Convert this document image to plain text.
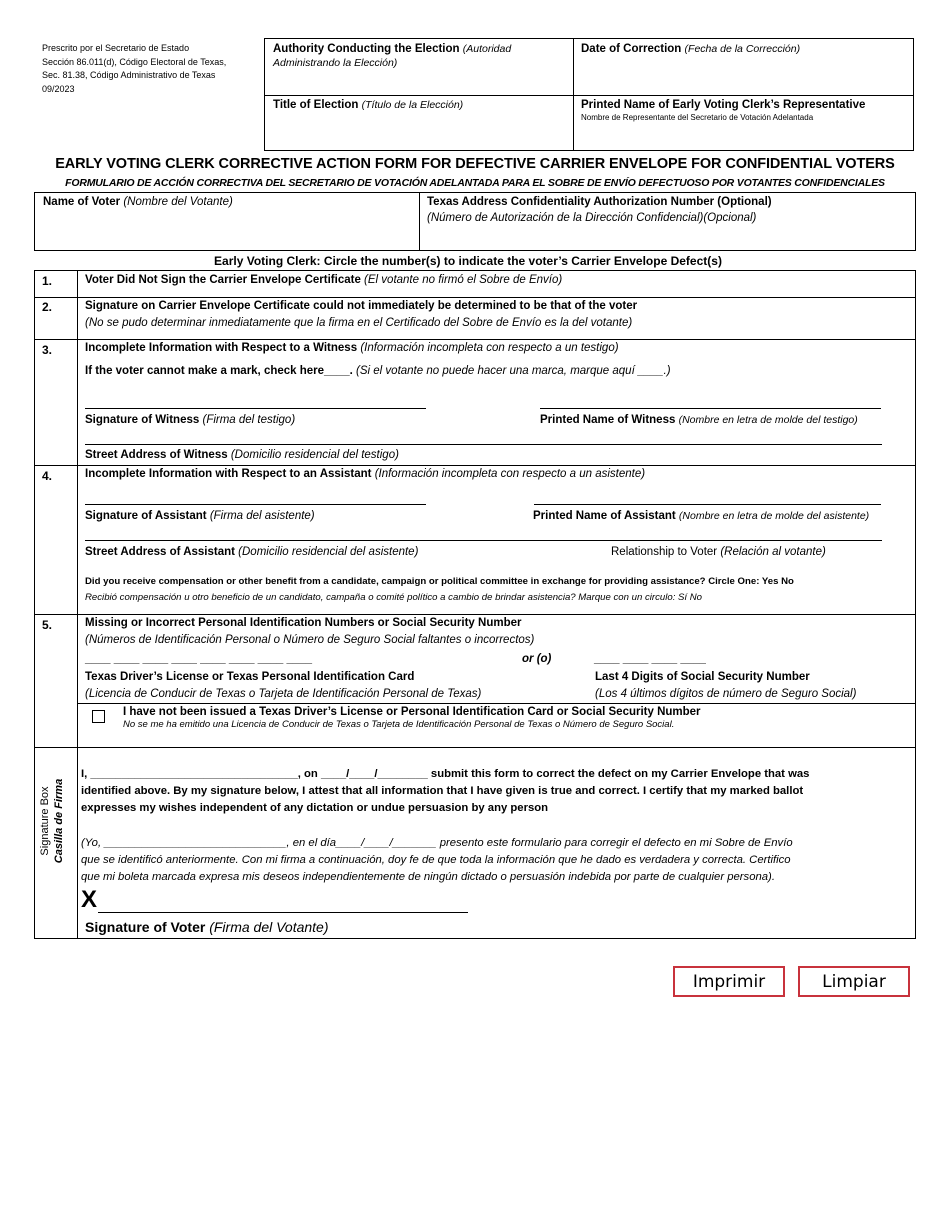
Prescrito por el Secretario de Estado
Sección 86.011(d), Código Electoral de Texas,
Sec. 81.38, Código Administrativo de Texas
09/2023
Authority Conducting the Election (Autoridad Administrando la Elección)
Date of Correction (Fecha de la Corrección)
Title of Election (Título de la Elección)	Printed Name of Early Voting Clerk’s Representative
Nombre de Representante del Secretario de Votación Adelantada
EARLY VOTING CLERK CORRECTIVE ACTION FORM FOR DEFECTIVE CARRIER ENVELOPE FOR CONFIDENTIAL VOTERS
FORMULARIO DE ACCIÓN CORRECTIVA DEL SECRETARIO DE VOTACIÓN ADELANTADA PARA EL SOBRE DE ENVÍO DEFECTUOSO POR VOTANTES CONFIDENCIALES
Name of Voter (Nombre del Votante)	Texas Address Confidentiality Authorization Number (Optional)
(Número de Autorización de la Dirección Confidencial)(Opcional)
Early Voting Clerk: Circle the number(s) to indicate the voter’s Carrier Envelope Defect(s)
1.	Voter Did Not Sign the Carrier Envelope Certificate (El votante no firmó el Sobre de Envío)
2.	Signature on Carrier Envelope Certificate could not immediately be determined to be that of the voter
(No se pudo determinar inmediatamente que la firma en el Certificado del Sobre de Envío es la del votante)
3.	Incomplete Information with Respect to a Witness (Información incompleta con respecto a un testigo)
If the voter cannot make a mark, check here____. (Si el votante no puede hacer una marca, marque aquí ____.)
Signature of Witness (Firma del testigo)	Printed Name of Witness (Nombre en letra de molde del testigo)
Street Address of Witness (Domicilio residencial del testigo)
4.	Incomplete Information with Respect to an Assistant (Información incompleta con respecto a un asistente)
Signature of Assistant (Firma del asistente)	Printed Name of Assistant (Nombre en letra de molde del asistente)
Street Address of Assistant (Domicilio residencial del asistente)	Relationship to Voter (Relación al votante)
Did you receive compensation or other benefit from a candidate, campaign or political committee in exchange for providing assistance? Circle One: Yes No
Recibió compensación u otro beneficio de un candidato, campaña o comité político a cambio de brindar asistencia? Marque con un circulo: Sí No
5.	Missing or Incorrect Personal Identification Numbers or Social Security Number
(Números de Identificación Personal o Número de Seguro Social faltantes o incorrectos)
____ ____ ____ ____ ____ ____ ____ ____	or (o)	____ ____ ____ ____
Texas Driver’s License or Texas Personal Identification Card
(Licencia de Conducir de Texas o Tarjeta de Identificación Personal de Texas)
Last 4 Digits of Social Security Number
(Los 4 últimos dígitos de número de Seguro Social)
I have not been issued a Texas Driver’s License or Personal Identification Card or Social Security Number
No se me ha emitido una Licencia de Conducir de Texas o Tarjeta de Identificación Personal de Texas o Número de Seguro Social.
Signature Box Casilla de Firma
I, _________________________________, on ____/____/________ submit this form to correct the defect on my Carrier Envelope that was
identified above. By my signature below, I attest that all information that I have given is true and correct. I certify that my marked ballot
expresses my wishes independent of any dictation or undue persuasion by any person
(Yo, _____________________________, en el día____/____/_______ presento este formulario para corregir el defecto en mi Sobre de Envío
que se identificó anteriormente. Con mi firma a continuación, doy fe de que toda la información que he dado es verdadera y correcta. Certifico
que mi boleta marcada expresa mis deseos independientemente de ningún dictado o persuasión indebida por parte de cualquier persona).
X
Signature of Voter (Firma del Votante)
Imprimir	Limpiar
